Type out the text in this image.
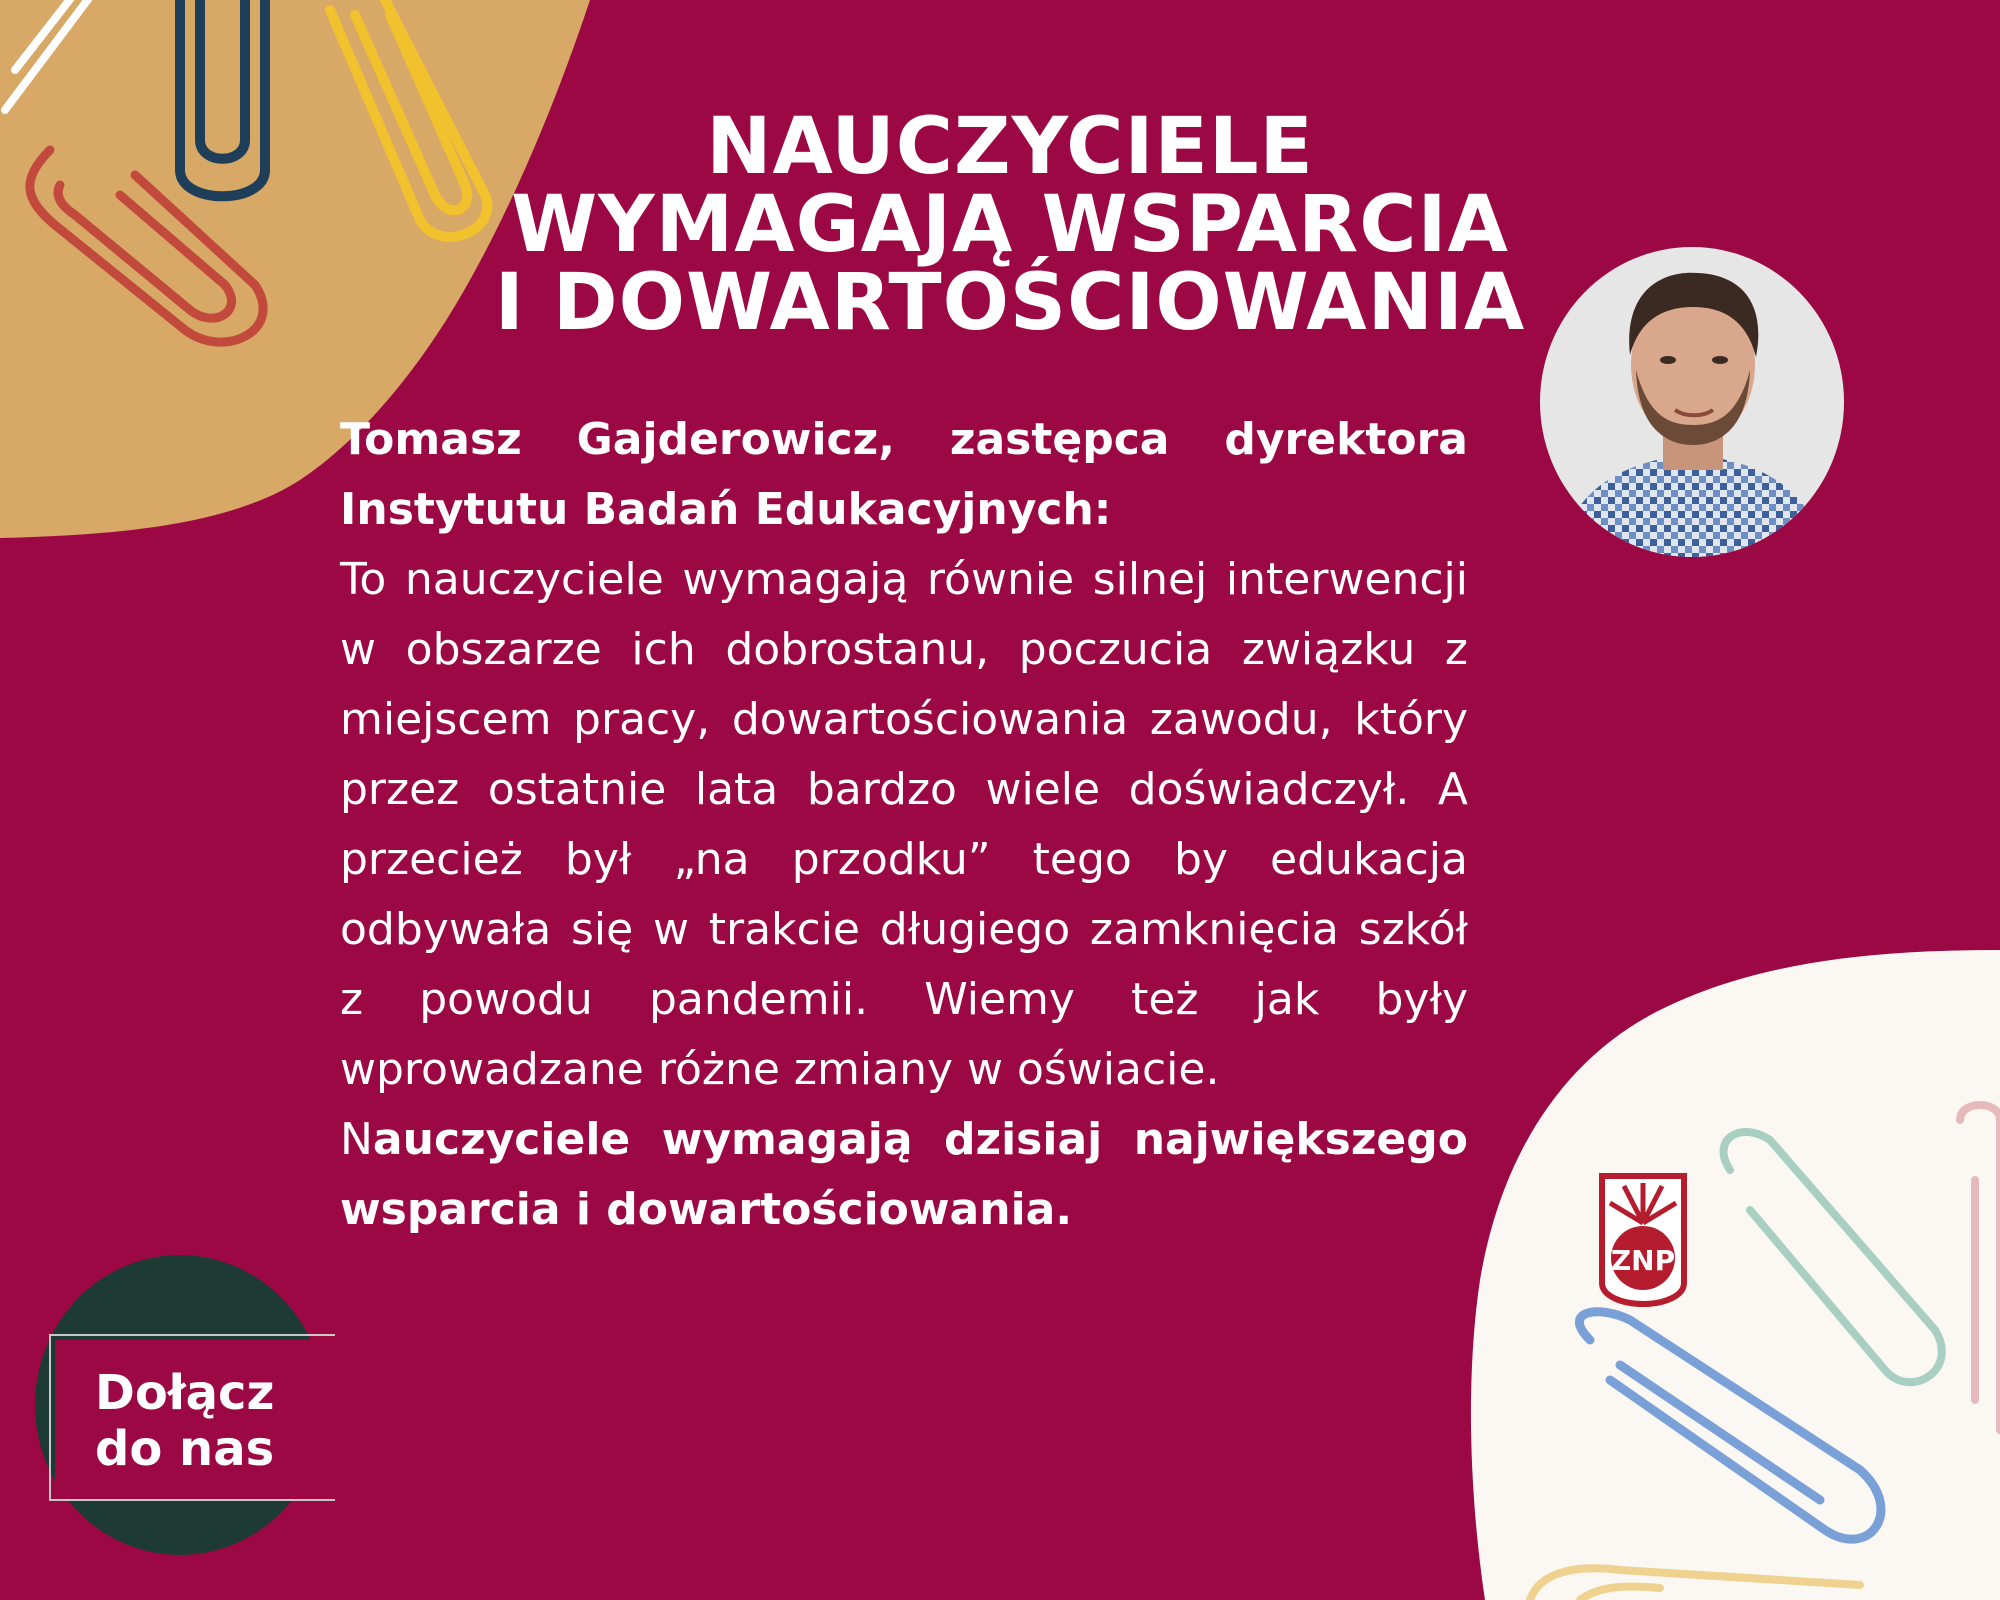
NAUCZYCIELE
WYMAGAJĄ WSPARCIA
I DOWARTOŚCIOWANIA

Tomasz Gajderowicz, zastępca dyrektora Instytutu Badań Edukacyjnych:

To nauczyciele wymagają równie silnej interwencji w obszarze ich dobrostanu, poczucia związku z miejscem pracy, dowartościowania zawodu, który przez ostatnie lata bardzo wiele doświadczył. A przecież był „na przodku” tego by edukacja odbywała się w trakcie długiego zamknięcia szkół z powodu pandemii. Wiemy też jak były wprowadzane różne zmiany w oświacie.

Nauczyciele wymagają dzisiaj największego wsparcia i dowartościowania.

ZNP
Dołącz
do nas
